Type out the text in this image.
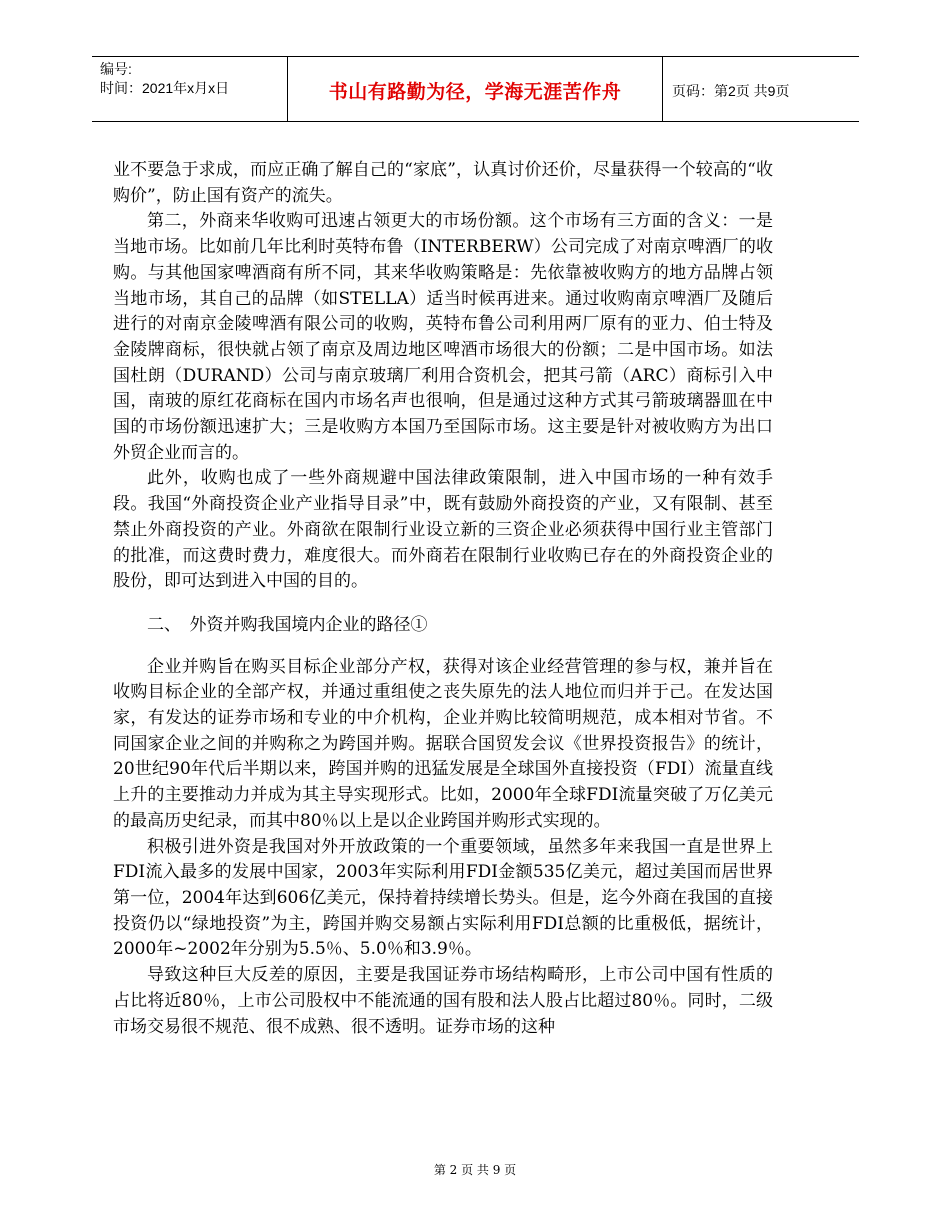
编号:
时间：2021年x月x日	书山有路勤为径，学海无涯苦作舟	页码：第2页 共9页

业不要急于求成，而应正确了解自己的“家底”，认真讨价还价，尽量获得一个较高的“收购价”，防止国有资产的流失。

第二，外商来华收购可迅速占领更大的市场份额。这个市场有三方面的含义：一是当地市场。比如前几年比利时英特布鲁（INTERBERW）公司完成了对南京啤酒厂的收购。与其他国家啤酒商有所不同，其来华收购策略是：先依靠被收购方的地方品牌占领当地市场，其自己的品牌（如STELLA）适当时候再进来。通过收购南京啤酒厂及随后进行的对南京金陵啤酒有限公司的收购，英特布鲁公司利用两厂原有的亚力、伯士特及金陵牌商标，很快就占领了南京及周边地区啤酒市场很大的份额；二是中国市场。如法国杜朗（DURAND）公司与南京玻璃厂利用合资机会，把其弓箭（ARC）商标引入中国，南玻的原红花商标在国内市场名声也很响，但是通过这种方式其弓箭玻璃器皿在中国的市场份额迅速扩大；三是收购方本国乃至国际市场。这主要是针对被收购方为出口外贸企业而言的。

此外，收购也成了一些外商规避中国法律政策限制，进入中国市场的一种有效手段。我国“外商投资企业产业指导目录”中，既有鼓励外商投资的产业，又有限制、甚至禁止外商投资的产业。外商欲在限制行业设立新的三资企业必须获得中国行业主管部门的批准，而这费时费力，难度很大。而外商若在限制行业收购已存在的外商投资企业的股份，即可达到进入中国的目的。

二、　外资并购我国境内企业的路径①

企业并购旨在购买目标企业部分产权，获得对该企业经营管理的参与权，兼并旨在收购目标企业的全部产权，并通过重组使之丧失原先的法人地位而归并于己。在发达国家，有发达的证券市场和专业的中介机构，企业并购比较简明规范，成本相对节省。不同国家企业之间的并购称之为跨国并购。据联合国贸发会议《世界投资报告》的统计，20世纪90年代后半期以来，跨国并购的迅猛发展是全球国外直接投资（FDI）流量直线上升的主要推动力并成为其主导实现形式。比如，2000年全球FDI流量突破了万亿美元的最高历史纪录，而其中80％以上是以企业跨国并购形式实现的。

积极引进外资是我国对外开放政策的一个重要领域，虽然多年来我国一直是世界上FDI流入最多的发展中国家，2003年实际利用FDI金额535亿美元，超过美国而居世界第一位，2004年达到606亿美元，保持着持续增长势头。但是，迄今外商在我国的直接投资仍以“绿地投资”为主，跨国并购交易额占实际利用FDI总额的比重极低，据统计，2000年~2002年分别为5.5％、5.0％和3.9％。

导致这种巨大反差的原因，主要是我国证券市场结构畸形，上市公司中国有性质的占比将近80％，上市公司股权中不能流通的国有股和法人股占比超过80％。同时，二级市场交易很不规范、很不成熟、很不透明。证券市场的这种

第 2 页 共 9 页
